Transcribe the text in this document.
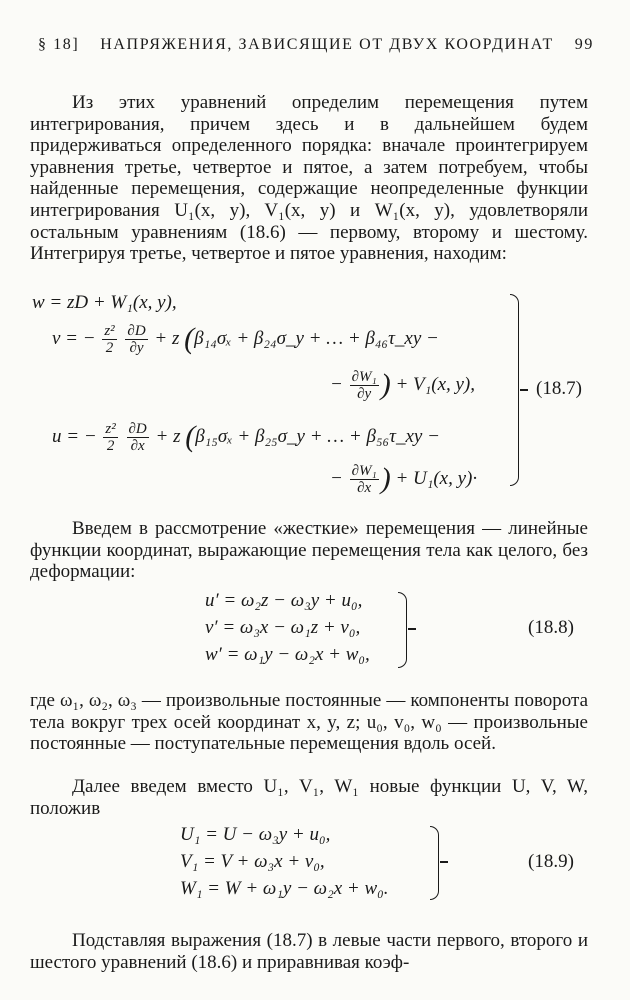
§ 18] НАПРЯЖЕНИЯ, ЗАВИСЯЩИЕ ОТ ДВУХ КООРДИНАТ 99

Из этих уравнений определим перемещения путем интегрирования, причем здесь и в дальнейшем будем придерживаться определенного порядка: вначале проинтегрируем уравнения третье, четвертое и пятое, а затем потребуем, чтобы найденные перемещения, содержащие неопределенные функции интегрирования U₁(x, y), V₁(x, y) и W₁(x, y), удовлетворяли остальным уравнениям (18.6) — первому, второму и шестому. Интегрируя третье, четвертое и пятое уравнения, находим:

w = zD + W₁(x, y),
v = − $\frac{\text{z²}}{2}$
$\frac{\partial D}{\partial y} + z$ (β₁₄σₓ + β₂₄σ_y + … + β₄₆τ_xy −
− $\frac{\text{∂W₁}}{\partial y}$ ) + V₁(x, y),
u = − $\frac{\text{z²}}{2}$
$\frac{\partial D}{\partial x} + z$ (β₁₅σₓ + β₂₅σ_y + … + β₅₆τ_xy −
− $\frac{\text{∂W₁}}{\partial x}$ ) + U₁(x, y)·
(18.7)

Введем в рассмотрение «жесткие» перемещения — линейные функции координат, выражающие перемещения тела как целого, без деформации:

u′ = ω₂z − ω₃y + u₀,
v′ = ω₃x − ω₁z + v₀,
w′ = ω₁y − ω₂x + w₀,
(18.8)

где ω₁, ω₂, ω₃ — произвольные постоянные — компоненты поворота тела вокруг трех осей координат x, y, z; u₀, v₀, w₀ — произвольные постоянные — поступательные перемещения вдоль осей.

Далее введем вместо U₁, V₁, W₁ новые функции U, V, W, положив

U₁ = U − ω₃y + u₀,
V₁ = V + ω₃x + v₀,
W₁ = W + ω₁y − ω₂x + w₀.
(18.9)

Подставляя выражения (18.7) в левые части первого, второго и шестого уравнений (18.6) и приравнивая коэф-
